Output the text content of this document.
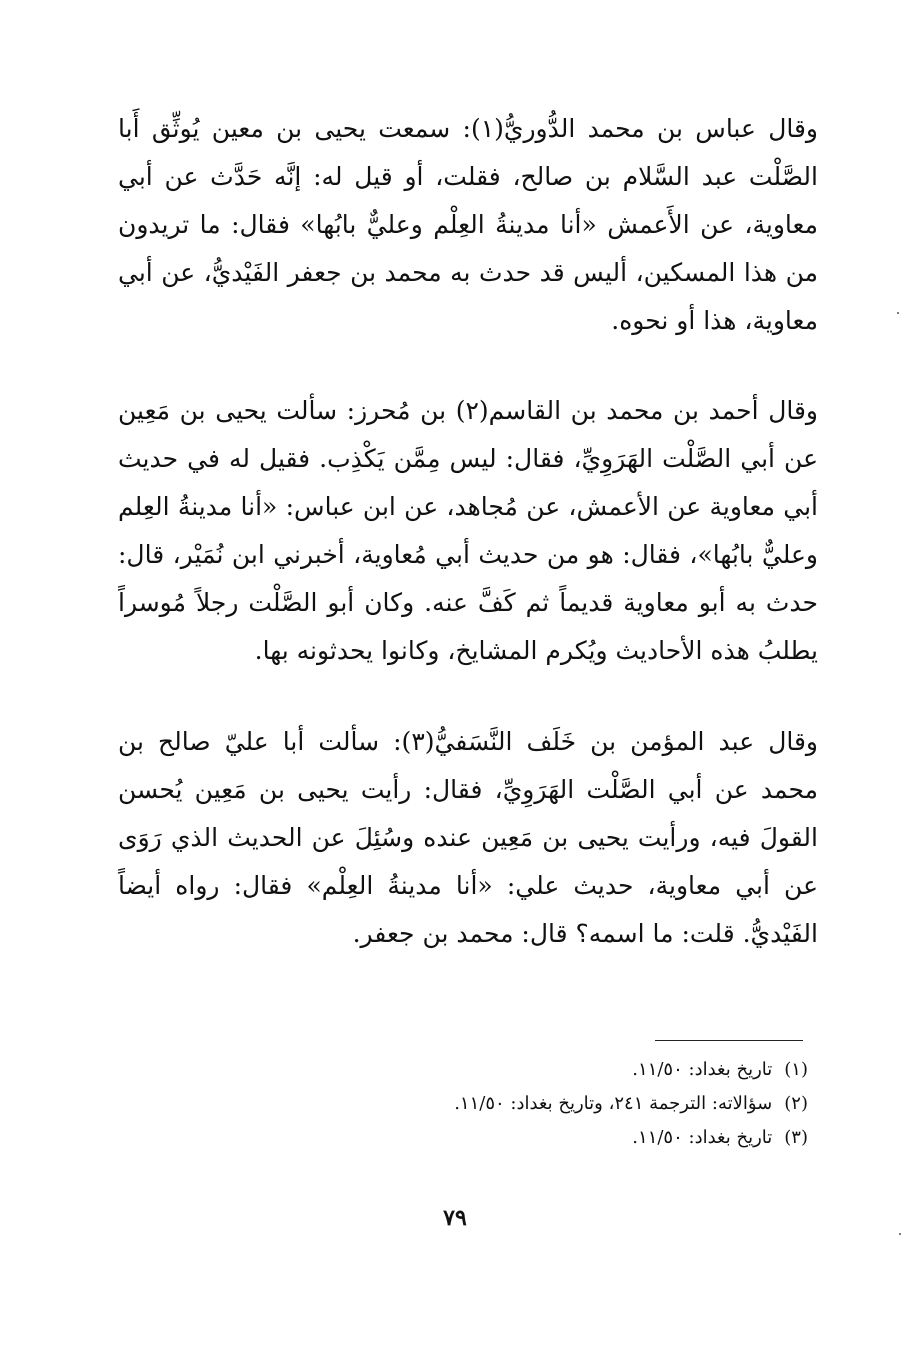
وقال عباس بن محمد الدُّوريُّ(١): سمعت يحيى بن معين يُوثِّق أَبا الصَّلْت عبد السَّلام بن صالح، فقلت، أو قيل له: إنَّه حَدَّث عن أبي معاوية، عن الأَعمش «أنا مدينةُ العِلْم وعليٌّ بابُها» فقال: ما تريدون من هذا المسكين، أليس قد حدث به محمد بن جعفر الفَيْديُّ، عن أبي معاوية، هذا أو نحوه.

وقال أحمد بن محمد بن القاسم(٢) بن مُحرز: سألت يحيى بن مَعِين عن أبي الصَّلْت الهَرَوِيِّ، فقال: ليس مِمَّن يَكْذِب. فقيل له في حديث أبي معاوية عن الأعمش، عن مُجاهد، عن ابن عباس: «أنا مدينةُ العِلم وعليٌّ بابُها»، فقال: هو من حديث أبي مُعاوية، أخبرني ابن نُمَيْر، قال: حدث به أبو معاوية قديماً ثم كَفَّ عنه. وكان أبو الصَّلْت رجلاً مُوسراً يطلبُ هذه الأحاديث ويُكرم المشايخ، وكانوا يحدثونه بها.

وقال عبد المؤمن بن خَلَف النَّسَفيُّ(٣): سألت أبا عليّ صالح بن محمد عن أبي الصَّلْت الهَرَوِيِّ، فقال: رأيت يحيى بن مَعِين يُحسن القولَ فيه، ورأيت يحيى بن مَعِين عنده وسُئِلَ عن الحديث الذي رَوَى عن أبي معاوية، حديث علي: «أنا مدينةُ العِلْم» فقال: رواه أيضاً الفَيْديُّ. قلت: ما اسمه؟ قال: محمد بن جعفر.

(١)تاريخ بغداد: ١١/٥٠.
(٢)سؤالاته: الترجمة ٢٤١، وتاريخ بغداد: ١١/٥٠.
(٣)تاريخ بغداد: ١١/٥٠.
٧٩
